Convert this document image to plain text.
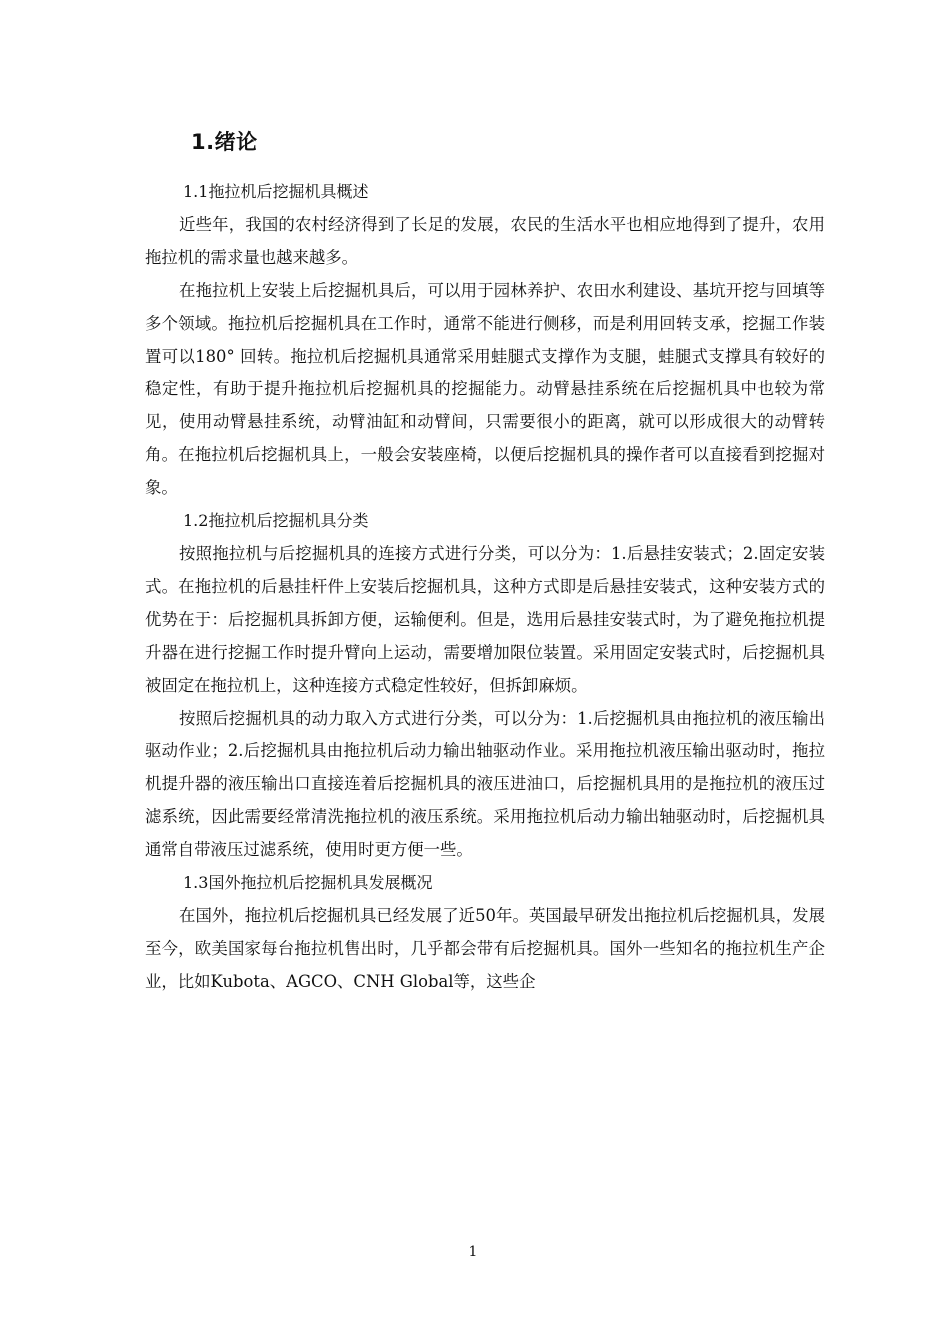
1.绪论

1.1拖拉机后挖掘机具概述

近些年，我国的农村经济得到了长足的发展，农民的生活水平也相应地得到了提升，农用拖拉机的需求量也越来越多。

在拖拉机上安装上后挖掘机具后，可以用于园林养护、农田水利建设、基坑开挖与回填等多个领域。拖拉机后挖掘机具在工作时，通常不能进行侧移，而是利用回转支承，挖掘工作装置可以180° 回转。拖拉机后挖掘机具通常采用蛙腿式支撑作为支腿，蛙腿式支撑具有较好的稳定性，有助于提升拖拉机后挖掘机具的挖掘能力。动臂悬挂系统在后挖掘机具中也较为常见，使用动臂悬挂系统，动臂油缸和动臂间，只需要很小的距离，就可以形成很大的动臂转角。在拖拉机后挖掘机具上，一般会安装座椅，以便后挖掘机具的操作者可以直接看到挖掘对象。

1.2拖拉机后挖掘机具分类

按照拖拉机与后挖掘机具的连接方式进行分类，可以分为：1.后悬挂安装式；2.固定安装式。在拖拉机的后悬挂杆件上安装后挖掘机具，这种方式即是后悬挂安装式，这种安装方式的优势在于：后挖掘机具拆卸方便，运输便利。但是，选用后悬挂安装式时，为了避免拖拉机提升器在进行挖掘工作时提升臂向上运动，需要增加限位装置。采用固定安装式时，后挖掘机具被固定在拖拉机上，这种连接方式稳定性较好，但拆卸麻烦。

按照后挖掘机具的动力取入方式进行分类，可以分为：1.后挖掘机具由拖拉机的液压输出驱动作业；2.后挖掘机具由拖拉机后动力输出轴驱动作业。采用拖拉机液压输出驱动时，拖拉机提升器的液压输出口直接连着后挖掘机具的液压进油口，后挖掘机具用的是拖拉机的液压过滤系统，因此需要经常清洗拖拉机的液压系统。采用拖拉机后动力输出轴驱动时，后挖掘机具通常自带液压过滤系统，使用时更方便一些。

1.3国外拖拉机后挖掘机具发展概况

在国外，拖拉机后挖掘机具已经发展了近50年。英国最早研发出拖拉机后挖掘机具，发展至今，欧美国家每台拖拉机售出时，几乎都会带有后挖掘机具。国外一些知名的拖拉机生产企业，比如Kubota、AGCO、CNH Global等，这些企

1
